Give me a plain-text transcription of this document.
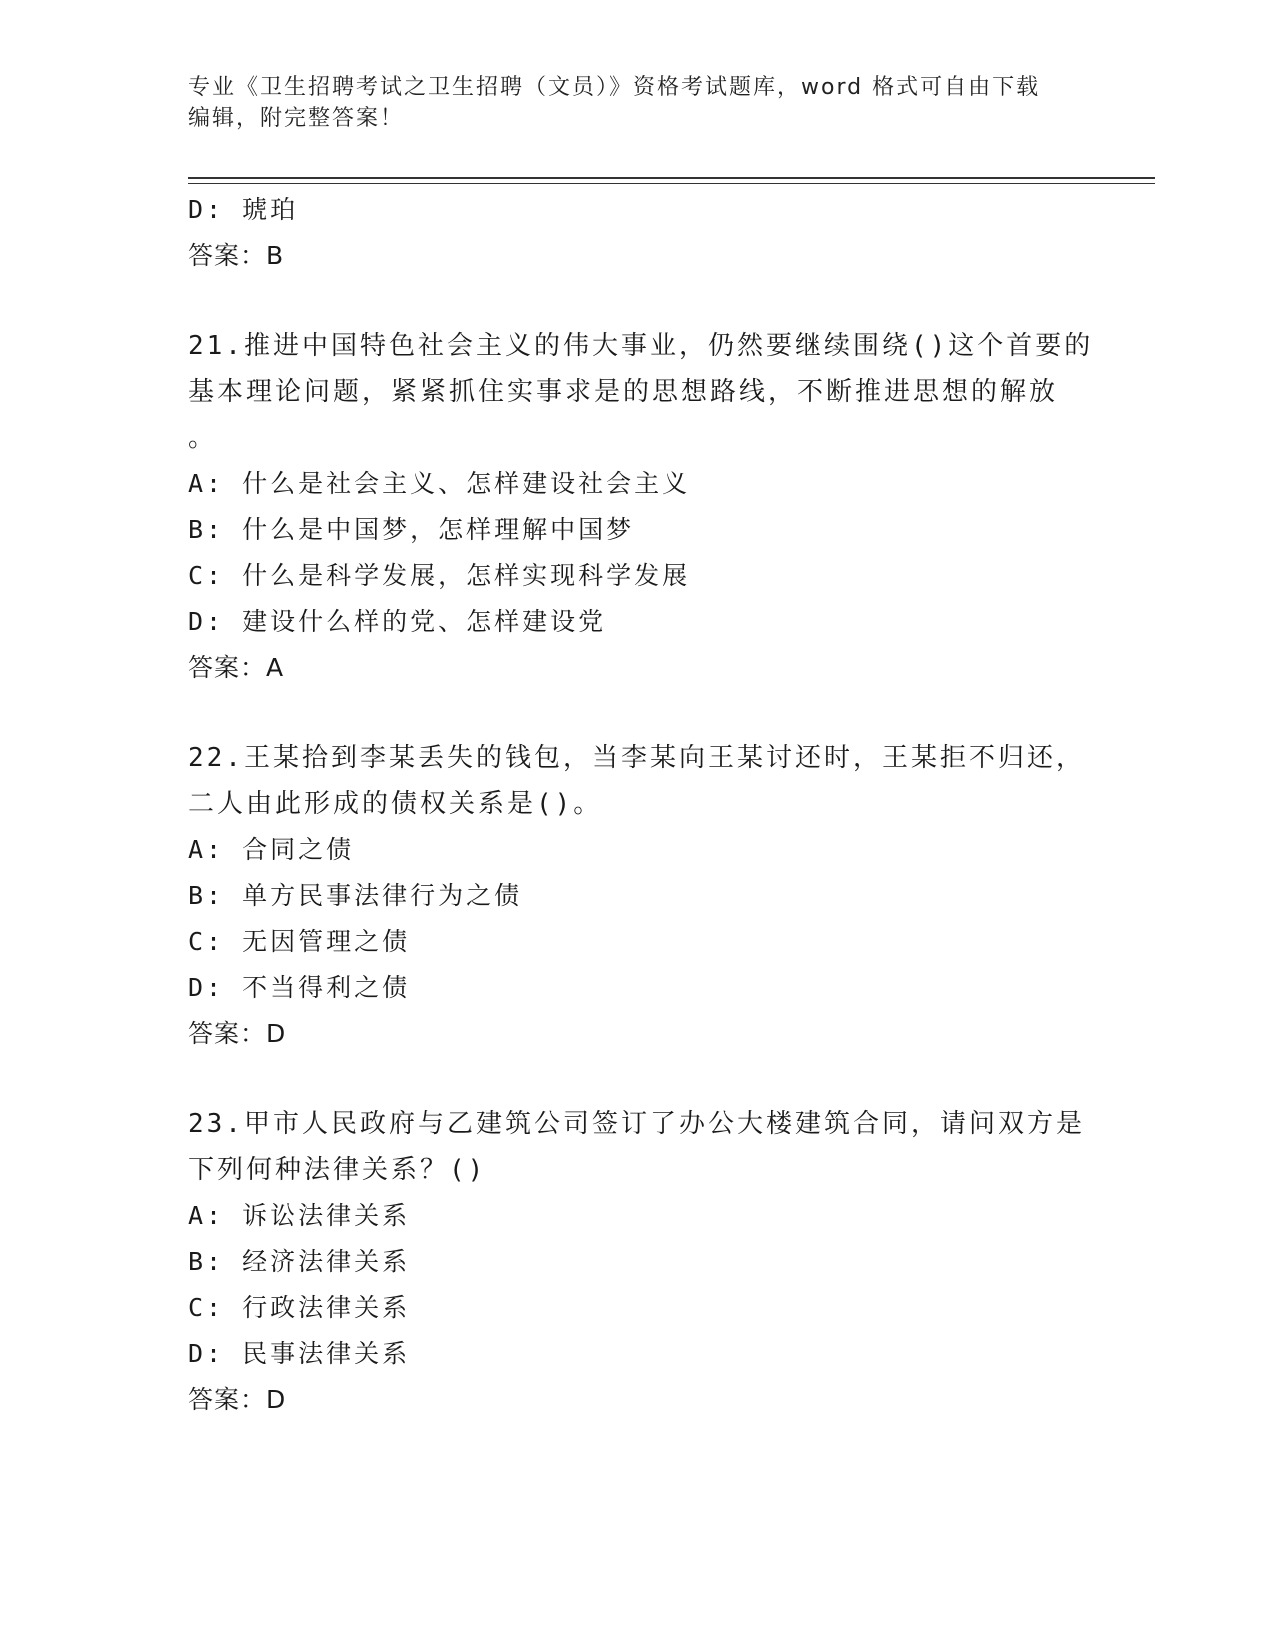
专业《卫生招聘考试之卫生招聘（文员）》资格考试题库，word 格式可自由下载
编辑，附完整答案！
D: 琥珀
答案：B
21.推进中国特色社会主义的伟大事业，仍然要继续围绕()这个首要的
基本理论问题，紧紧抓住实事求是的思想路线，不断推进思想的解放
。
A: 什么是社会主义、怎样建设社会主义
B: 什么是中国梦，怎样理解中国梦
C: 什么是科学发展，怎样实现科学发展
D: 建设什么样的党、怎样建设党
答案：A
22.王某拾到李某丢失的钱包，当李某向王某讨还时，王某拒不归还，
二人由此形成的债权关系是()。
A: 合同之债
B: 单方民事法律行为之债
C: 无因管理之债
D: 不当得利之债
答案：D
23.甲市人民政府与乙建筑公司签订了办公大楼建筑合同，请问双方是
下列何种法律关系？()
A: 诉讼法律关系
B: 经济法律关系
C: 行政法律关系
D: 民事法律关系
答案：D
